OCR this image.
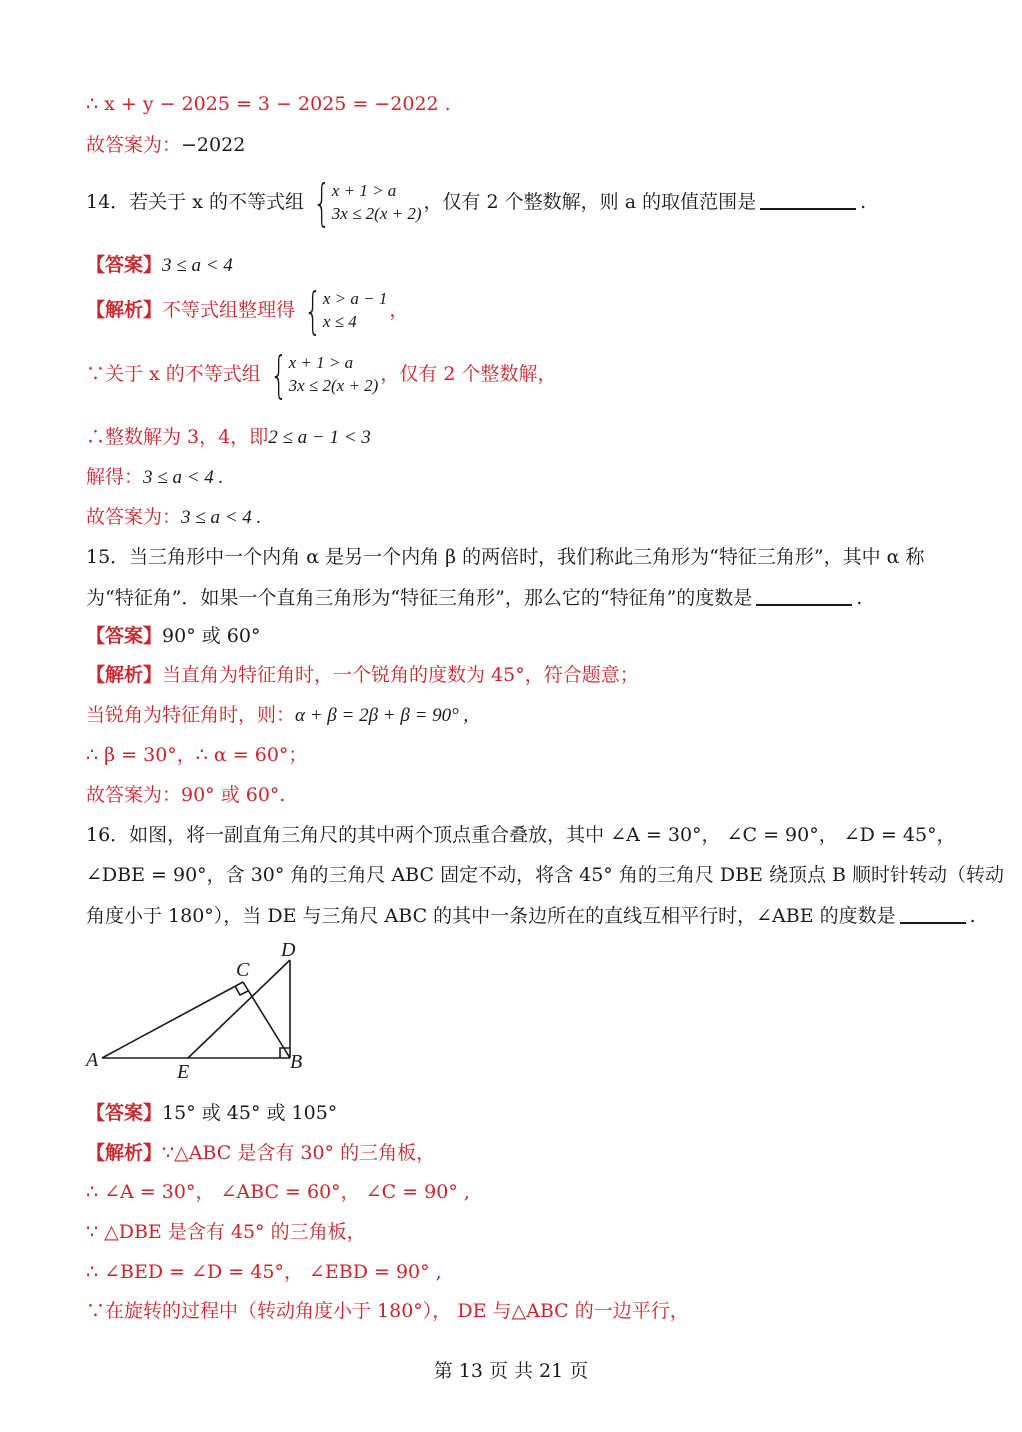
∴ x + y − 2025 = 3 − 2025 = −2022 .
故答案为：−2022
14．若关于 x 的不等式组 { x + 1 > a
3x ≤ 2(x + 2)
，仅有 2 个整数解，则 a 的取值范围是	.
【答案】3 ≤ a < 4
【解析】不等式组整理得 { x > a − 1
x ≤ 4
，
∵关于 x 的不等式组 { x + 1 > a
3x ≤ 2(x + 2)
，仅有 2 个整数解，
∴整数解为 3，4，即2 ≤ a − 1 < 3
解得：3 ≤ a < 4 .
故答案为：3 ≤ a < 4 .
15．当三角形中一个内角 α 是另一个内角 β 的两倍时，我们称此三角形为“特征三角形”，其中 α 称
为“特征角”．如果一个直角三角形为“特征三角形”，那么它的“特征角”的度数是	.
【答案】90° 或 60°
【解析】当直角为特征角时，一个锐角的度数为 45°，符合题意；
当锐角为特征角时，则：α + β = 2β + β = 90° ,
∴ β = 30°，∴ α = 60°；
故答案为：90° 或 60°.
16．如图，将一副直角三角尺的其中两个顶点重合叠放，其中 ∠A = 30°， ∠C = 90°， ∠D = 45°，
∠DBE = 90°，含 30° 角的三角尺 ABC 固定不动，将含 45° 角的三角尺 DBE 绕顶点 B 顺时针转动（转动
角度小于 180°），当 DE 与三角尺 ABC 的其中一条边所在的直线互相平行时，∠ABE 的度数是	.
A
C
D
E	B
【答案】15° 或 45° 或 105°
【解析】∵△ABC 是含有 30° 的三角板，
∴ ∠A = 30°， ∠ABC = 60°， ∠C = 90° ,
∵ △DBE 是含有 45° 的三角板，
∴ ∠BED = ∠D = 45°， ∠EBD = 90° ,
∵在旋转的过程中（转动角度小于 180°）， DE 与△ABC 的一边平行，
第 13 页 共 21 页
